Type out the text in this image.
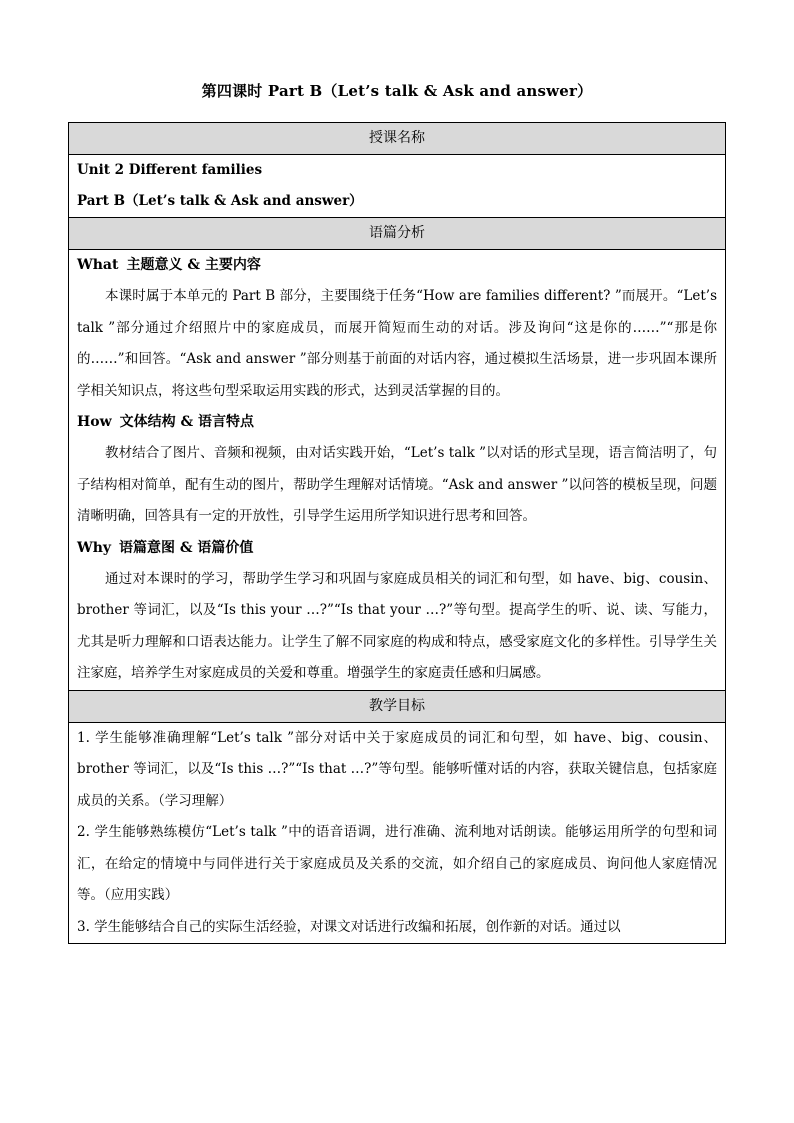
第四课时 Part B（Let’s talk & Ask and answer）
授课名称

Unit 2 Different families
Part B（Let’s talk & Ask and answer）

语篇分析

What 主题意义 & 主要内容

本课时属于本单元的 Part B 部分，主要围绕于任务“How are families different? ”而展开。“Let’s talk ”部分通过介绍照片中的家庭成员，而展开简短而生动的对话。涉及询问“这是你的……”“那是你的……”和回答。“Ask and answer ”部分则基于前面的对话内容，通过模拟生活场景，进一步巩固本课所学相关知识点，将这些句型采取运用实践的形式，达到灵活掌握的目的。

How 文体结构 & 语言特点

教材结合了图片、音频和视频，由对话实践开始，“Let’s talk ”以对话的形式呈现，语言简洁明了，句子结构相对简单，配有生动的图片，帮助学生理解对话情境。“Ask and answer ”以问答的模板呈现，问题清晰明确，回答具有一定的开放性，引导学生运用所学知识进行思考和回答。

Why 语篇意图 & 语篇价值

通过对本课时的学习，帮助学生学习和巩固与家庭成员相关的词汇和句型，如 have、big、cousin、brother 等词汇，以及“Is this your …?”“Is that your …?”等句型。提高学生的听、说、读、写能力，尤其是听力理解和口语表达能力。让学生了解不同家庭的构成和特点，感受家庭文化的多样性。引导学生关注家庭，培养学生对家庭成员的关爱和尊重。增强学生的家庭责任感和归属感。

教学目标

1. 学生能够准确理解“Let’s talk ”部分对话中关于家庭成员的词汇和句型，如 have、big、cousin、brother 等词汇，以及“Is this …?”“Is that …?”等句型。能够听懂对话的内容，获取关键信息，包括家庭成员的关系。（学习理解）

2. 学生能够熟练模仿“Let’s talk ”中的语音语调，进行准确、流利地对话朗读。能够运用所学的句型和词汇，在给定的情境中与同伴进行关于家庭成员及关系的交流，如介绍自己的家庭成员、询问他人家庭情况等。（应用实践）

3. 学生能够结合自己的实际生活经验，对课文对话进行改编和拓展，创作新的对话。通过以
